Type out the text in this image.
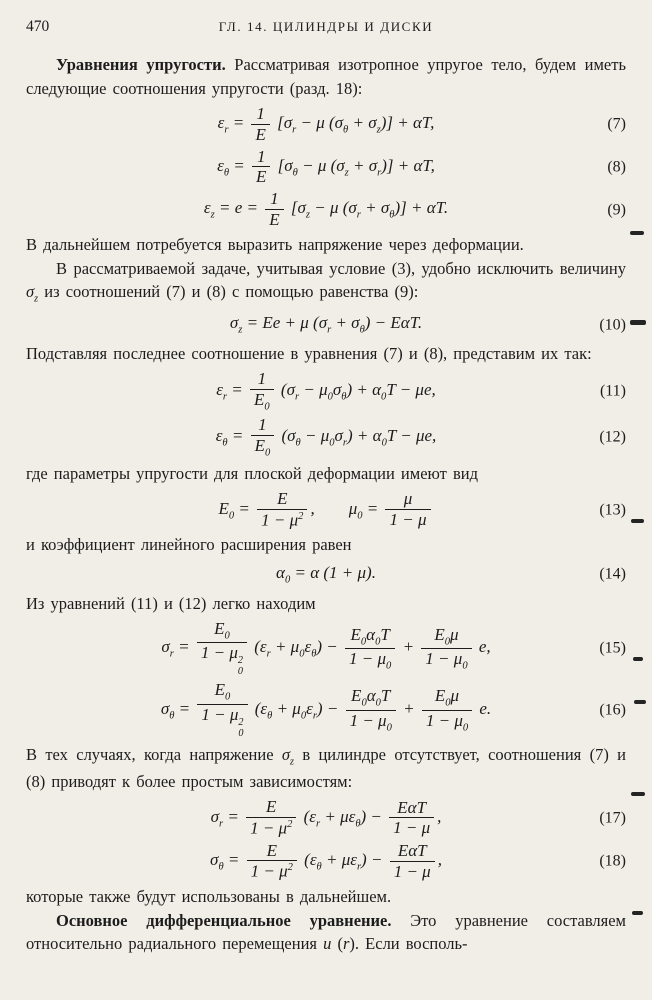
470	ГЛ. 14. ЦИЛИНДРЫ И ДИСКИ

Уравнения упругости. Рассматривая изотропное упругое тело, будем иметь следующие соотношения упругости (разд. 18):

$\varepsilon_r = \frac{1}{E} [\sigma_r - \mu$ $(\sigma_\theta + \sigma_z)] + \alpha T$,	(7)
$\varepsilon_\theta = \frac{1}{E} [\sigma_\theta - \mu$ $(\sigma_z + \sigma_r)] + \alpha T$,	(8)
$\varepsilon_z = e = \frac{1}{E} [\sigma_z - \mu$ $(\sigma_r + \sigma_\theta)] + \alpha T$.	(9)

В дальнейшем потребуется выразить напряжение через деформации.

В рассматриваемой задаче, учитывая условие (3), удобно исключить величину $\sigma_z$ из соотношений (7) и (8) с помощью равенства (9):

$\sigma_z = Ee + \mu$ $(\sigma_r + \sigma_\theta) - E\alpha T$.	(10)

Подставляя последнее соотношение в уравнения (7) и (8), представим их так:

$\varepsilon_r = \frac{1}{E_0} (\sigma_r - \mu_0\sigma_\theta) + \alpha_0T - \mu e$,	(11)
$\varepsilon_\theta = \frac{1}{E_0} (\sigma_\theta - \mu_0\sigma_r) + \alpha_0T - \mu e$,	(12)

где параметры упругости для плоской деформации имеют вид

$E_0 = \frac{E}{1 - \mu^2}$ ,  $\mu_0 = \frac{\mu}{1 - \mu}$	(13)

и коэффициент линейного расширения равен

$\alpha_0 = \alpha$ (1 + μ).	(14)

Из уравнений (11) и (12) легко находим

$\sigma_r = E_0$
1 − μ 2
0 $(\varepsilon_r + \mu_0\varepsilon_\theta) - \frac{E_0\alpha_0T}{1 - \mu_0} + \frac{E_0\mu}{1 - \mu_0} e$,	(15)
$\sigma_\theta = E_0$
1 − μ 2
0 $(\varepsilon_\theta + \mu_0\varepsilon_r) - \frac{E_0\alpha_0T}{1 - \mu_0} + \frac{E_0\mu}{1 - \mu_0} e$.	(16)

В тех случаях, когда напряжение $\sigma_z$ в цилиндре отсутствует, соотношения (7) и (8) приводят к более простым зависимостям:

$\sigma_r = \frac{E}{1 - \mu^2} (\varepsilon_r + \mu\varepsilon_\theta) - \frac{\text{EαT}}{1 - \mu}$ ,	(17)
$\sigma_\theta = \frac{E}{1 - \mu^2} (\varepsilon_\theta + \mu\varepsilon_r) - \frac{\text{EαT}}{1 - \mu}$ ,	(18)

которые также будут использованы в дальнейшем.

Основное дифференциальное уравнение. Это уравнение составляем относительно радиального перемещения u (r). Если восполь-
